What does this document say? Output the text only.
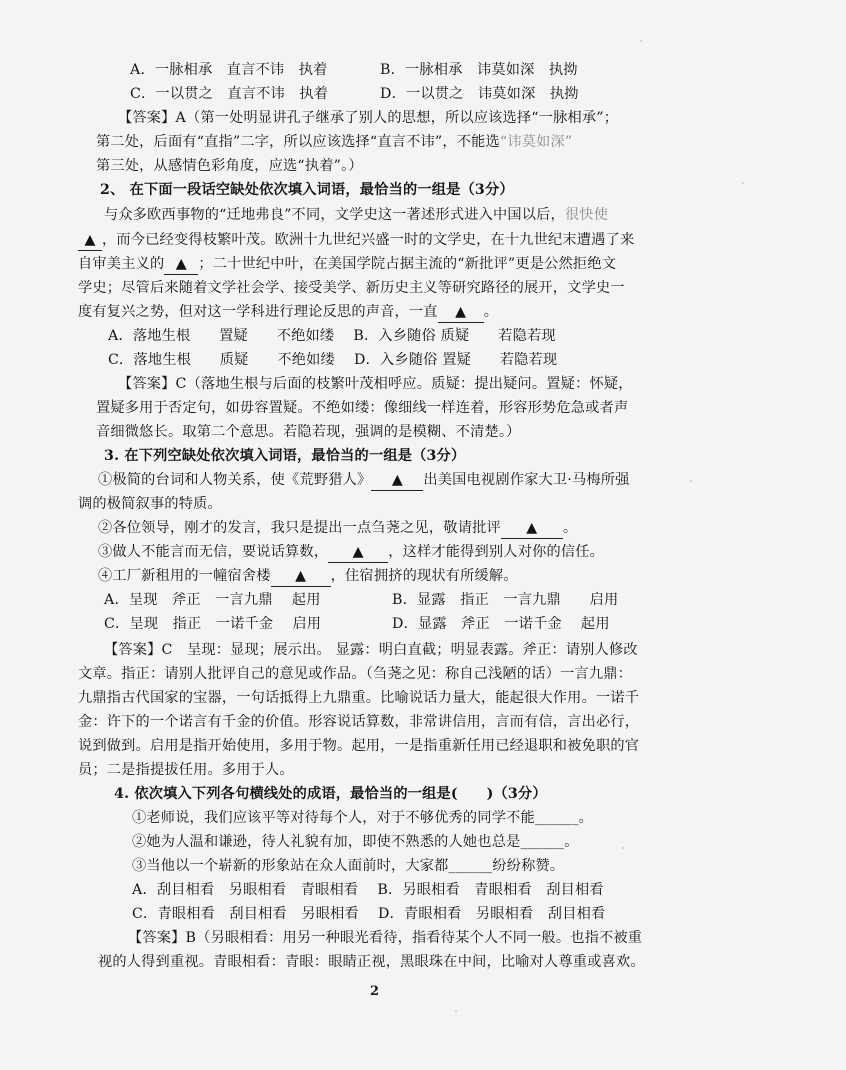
A．一脉相承　直言不讳　执着	B．一脉相承　讳莫如深　执拗
C．一以贯之　直言不讳　执着	D．一以贯之　讳莫如深　执拗
【答案】A（第一处明显讲孔子继承了别人的思想，所以应该选择“一脉相承”；
第二处，后面有“直指”二字，所以应该选择“直言不讳”，不能选“讳莫如深”
第三处，从感情色彩角度，应选“执着”。）
2、 在下面一段话空缺处依次填入词语，最恰当的一组是（3分）
与众多欧西事物的“迁地弗良”不同，文学史这一著述形式进入中国以后，很快使
▲ ，而今已经变得枝繁叶茂。欧洲十九世纪兴盛一时的文学史，在十九世纪末遭遇了来
自审美主义的 ▲ ；二十世纪中叶，在美国学院占据主流的“新批评”更是公然拒绝文
学史；尽管后来随着文学社会学、接受美学、新历史主义等研究路径的展开，文学史一
度有复兴之势，但对这一学科进行理论反思的声音，一直 ▲ 。
A．落地生根　　置疑　　不绝如缕　 B．入乡随俗 质疑　　若隐若现
C．落地生根　　质疑　　不绝如缕　 D．入乡随俗 置疑　　若隐若现
【答案】C（落地生根与后面的枝繁叶茂相呼应。质疑：提出疑问。置疑：怀疑，
置疑多用于否定句，如毋容置疑。不绝如缕：像细线一样连着，形容形势危急或者声
音细微悠长。取第二个意思。若隐若现，强调的是模糊、不清楚。）
3. 在下列空缺处依次填入词语，最恰当的一组是（3分）
①极简的台词和人物关系，使《荒野猎人》 ▲ 出美国电视剧作家大卫·马梅所强
调的极简叙事的特质。
②各位领导，刚才的发言，我只是提出一点刍荛之见，敬请批评 ▲ 。
③做人不能言而无信，要说话算数， ▲ ，这样才能得到别人对你的信任。
④工厂新租用的一幢宿舍楼 ▲ ，住宿拥挤的现状有所缓解。
A．呈现　斧正　一言九鼎　 起用	B．显露　指正　一言九鼎　　启用
C．呈现　指正　一诺千金　 启用	D．显露　斧正　一诺千金　 起用
【答案】C　呈现：显现；展示出。 显露：明白直截；明显表露。斧正：请别人修改
文章。指正：请别人批评自己的意见或作品。（刍荛之见：称自己浅陋的话）一言九鼎：
九鼎指古代国家的宝器，一句话抵得上九鼎重。比喻说话力量大，能起很大作用。一诺千
金：许下的一个诺言有千金的价值。形容说话算数，非常讲信用，言而有信，言出必行，
说到做到。启用是指开始使用，多用于物。起用，一是指重新任用已经退职和被免职的官
员；二是指提拔任用。多用于人。
4. 依次填入下列各句横线处的成语，最恰当的一组是(　　)（3分）
①老师说，我们应该平等对待每个人，对于不够优秀的同学不能______。
②她为人温和谦逊，待人礼貌有加，即使不熟悉的人她也总是______。
③当他以一个崭新的形象站在众人面前时，大家都______纷纷称赞。
A．刮目相看　另眼相看　青眼相看　 B．另眼相看　青眼相看　刮目相看
C．青眼相看　刮目相看　另眼相看　 D．青眼相看　另眼相看　刮目相看
【答案】B（另眼相看：用另一种眼光看待，指看待某个人不同一般。也指不被重
视的人得到重视。青眼相看：青眼：眼睛正视，黑眼珠在中间，比喻对人尊重或喜欢。
2
